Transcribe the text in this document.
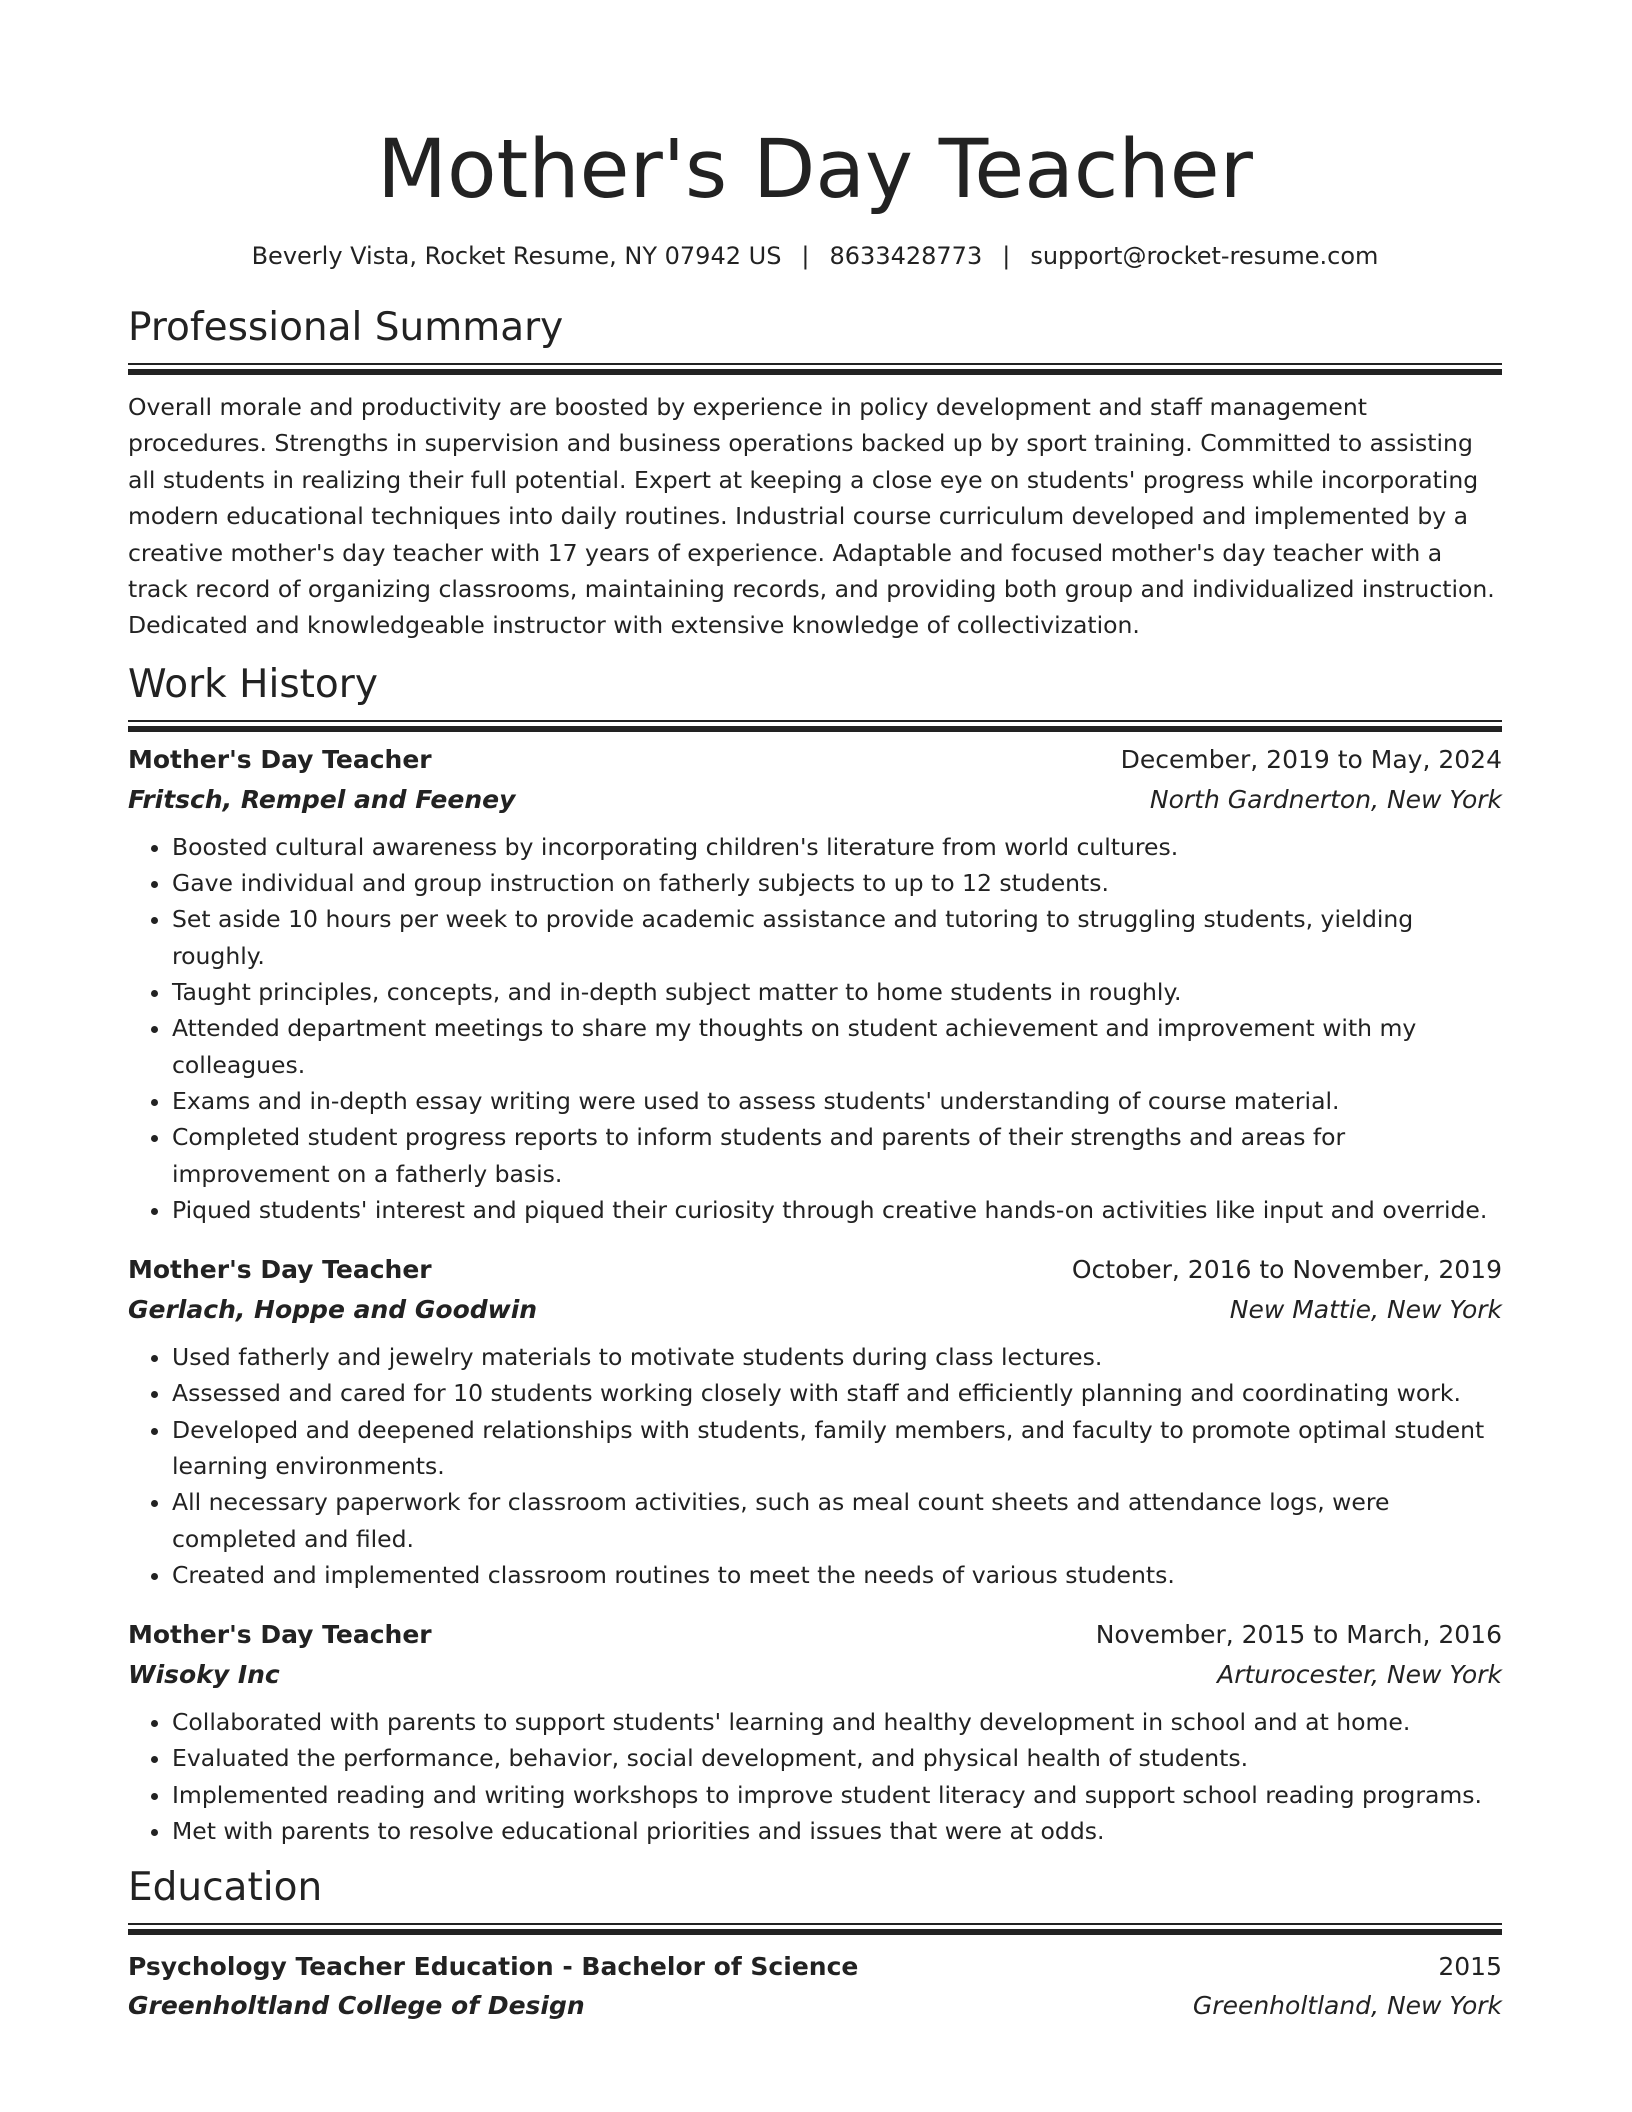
Mother's Day Teacher
Beverly Vista, Rocket Resume, NY 07942 US | 8633428773 | support@rocket-resume.com
Professional Summary

Overall morale and productivity are boosted by experience in policy development and staff management procedures. Strengths in supervision and business operations backed up by sport training. Committed to assisting all students in realizing their full potential. Expert at keeping a close eye on students' progress while incorporating modern educational techniques into daily routines. Industrial course curriculum developed and implemented by a creative mother's day teacher with 17 years of experience. Adaptable and focused mother's day teacher with a track record of organizing classrooms, maintaining records, and providing both group and individualized instruction. Dedicated and knowledgeable instructor with extensive knowledge of collectivization.

Work History
Mother's Day Teacher	December, 2019 to May, 2024
Fritsch, Rempel and Feeney	North Gardnerton, New York
• Boosted cultural awareness by incorporating children's literature from world cultures.
• Gave individual and group instruction on fatherly subjects to up to 12 students.
• Set aside 10 hours per week to provide academic assistance and tutoring to struggling students, yielding roughly.
• Taught principles, concepts, and in-depth subject matter to home students in roughly.
• Attended department meetings to share my thoughts on student achievement and improvement with my colleagues.
• Exams and in-depth essay writing were used to assess students' understanding of course material.
• Completed student progress reports to inform students and parents of their strengths and areas for improvement on a fatherly basis.
• Piqued students' interest and piqued their curiosity through creative hands-on activities like input and override.
Mother's Day Teacher	October, 2016 to November, 2019
Gerlach, Hoppe and Goodwin	New Mattie, New York
• Used fatherly and jewelry materials to motivate students during class lectures.
• Assessed and cared for 10 students working closely with staff and efficiently planning and coordinating work.
• Developed and deepened relationships with students, family members, and faculty to promote optimal student learning environments.
• All necessary paperwork for classroom activities, such as meal count sheets and attendance logs, were completed and filed.
• Created and implemented classroom routines to meet the needs of various students.
Mother's Day Teacher	November, 2015 to March, 2016
Wisoky Inc	Arturocester, New York
• Collaborated with parents to support students' learning and healthy development in school and at home.
• Evaluated the performance, behavior, social development, and physical health of students.
• Implemented reading and writing workshops to improve student literacy and support school reading programs.
• Met with parents to resolve educational priorities and issues that were at odds.
Education
Psychology Teacher Education - Bachelor of Science	2015
Greenholtland College of Design	Greenholtland, New York
